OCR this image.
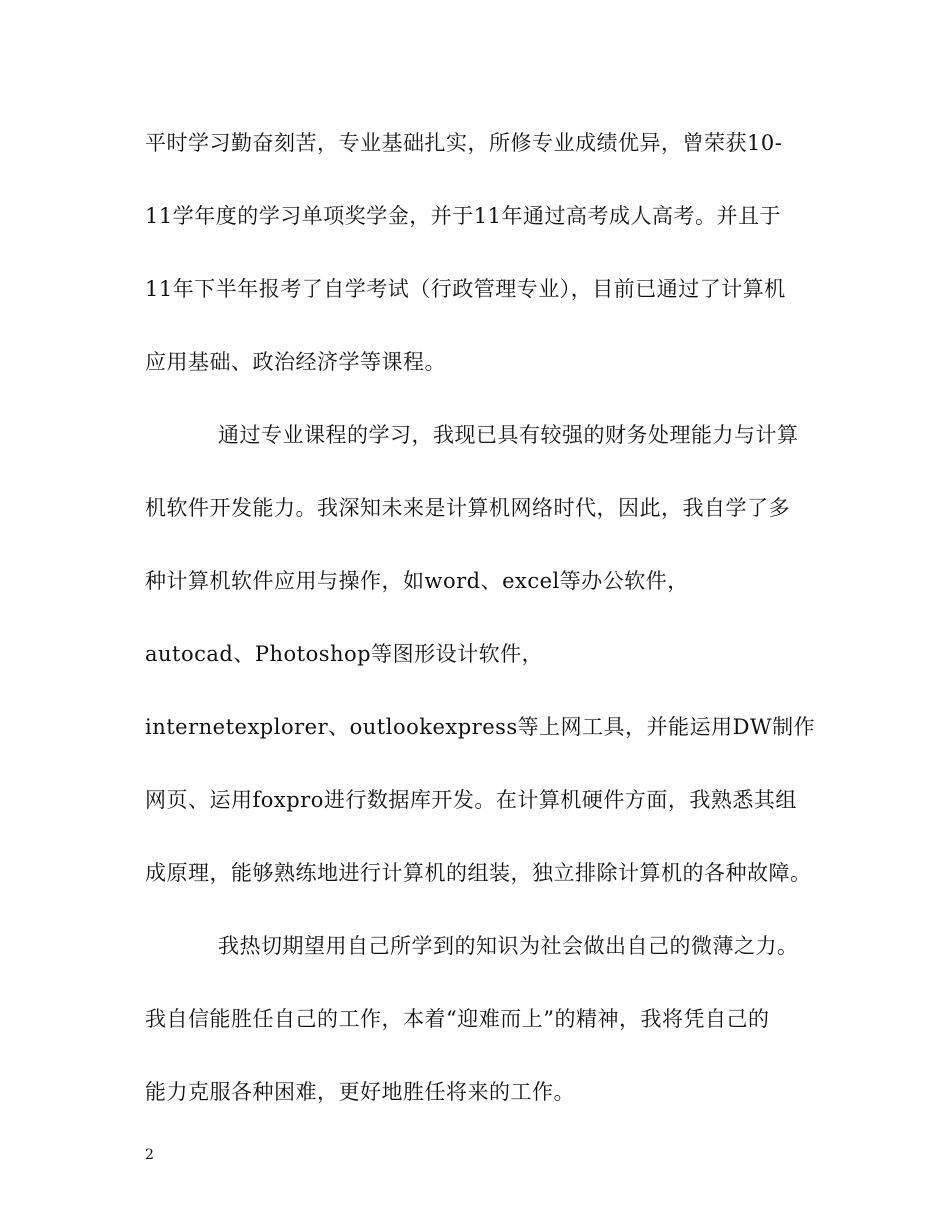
平时学习勤奋刻苦，专业基础扎实，所修专业成绩优异，曾荣获10-

11学年度的学习单项奖学金，并于11年通过高考成人高考。并且于

11年下半年报考了自学考试（行政管理专业），目前已通过了计算机

应用基础、政治经济学等课程。

通过专业课程的学习，我现已具有较强的财务处理能力与计算

机软件开发能力。我深知未来是计算机网络时代，因此，我自学了多

种计算机软件应用与操作，如word、excel等办公软件，

autocad、Photoshop等图形设计软件，

internetexplorer、outlookexpress等上网工具，并能运用DW制作

网页、运用foxpro进行数据库开发。在计算机硬件方面，我熟悉其组

成原理，能够熟练地进行计算机的组装，独立排除计算机的各种故障。

我热切期望用自己所学到的知识为社会做出自己的微薄之力。

我自信能胜任自己的工作，本着“迎难而上”的精神，我将凭自己的

能力克服各种困难，更好地胜任将来的工作。

2
